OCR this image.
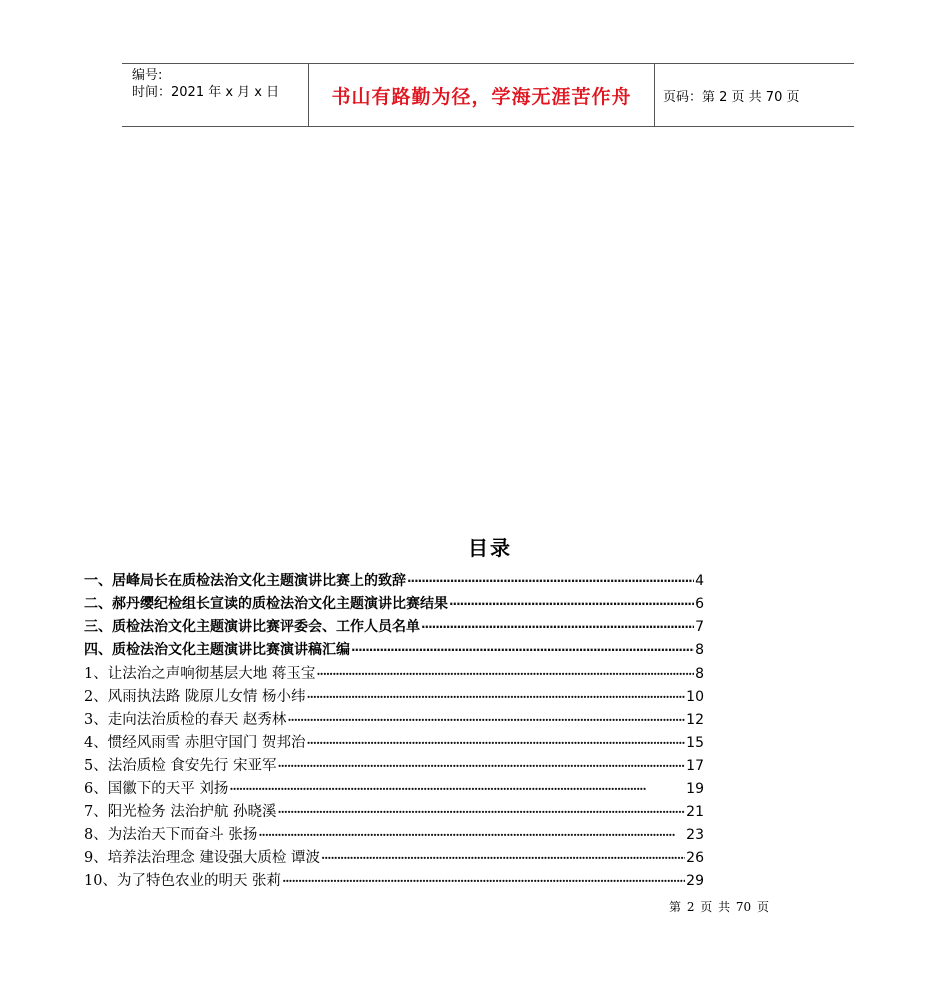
编号:
时间：2021 年 x 月 x 日	书山有路勤为径，学海无涯苦作舟	页码：第 2 页 共 70 页
目录
一、居峰局长在质检法治文化主题演讲比赛上的致辞 ·····	4
二、郝丹缨纪检组长宣读的质检法治文化主题演讲比赛结果 ·····	6
三、质检法治文化主题演讲比赛评委会、工作人员名单 ·····	7
四、质检法治文化主题演讲比赛演讲稿汇编 ·····	8
1、让法治之声响彻基层大地 蒋玉宝 ·····	8
2、风雨执法路 陇原儿女情 杨小纬 ·····	10
3、走向法治质检的春天 赵秀林 ·····	12
4、惯经风雨雪 赤胆守国门 贺邦治 ·····	15
5、法治质检 食安先行 宋亚军 ·····	17
6、国徽下的天平 刘扬 ·····	19
7、阳光检务 法治护航 孙晓溪 ·····	21
8、为法治天下而奋斗 张扬 ·····	23
9、培养法治理念 建设强大质检 谭波 ·····	26
10、为了特色农业的明天 张莉 ·····	29
第 2 页 共 70 页
